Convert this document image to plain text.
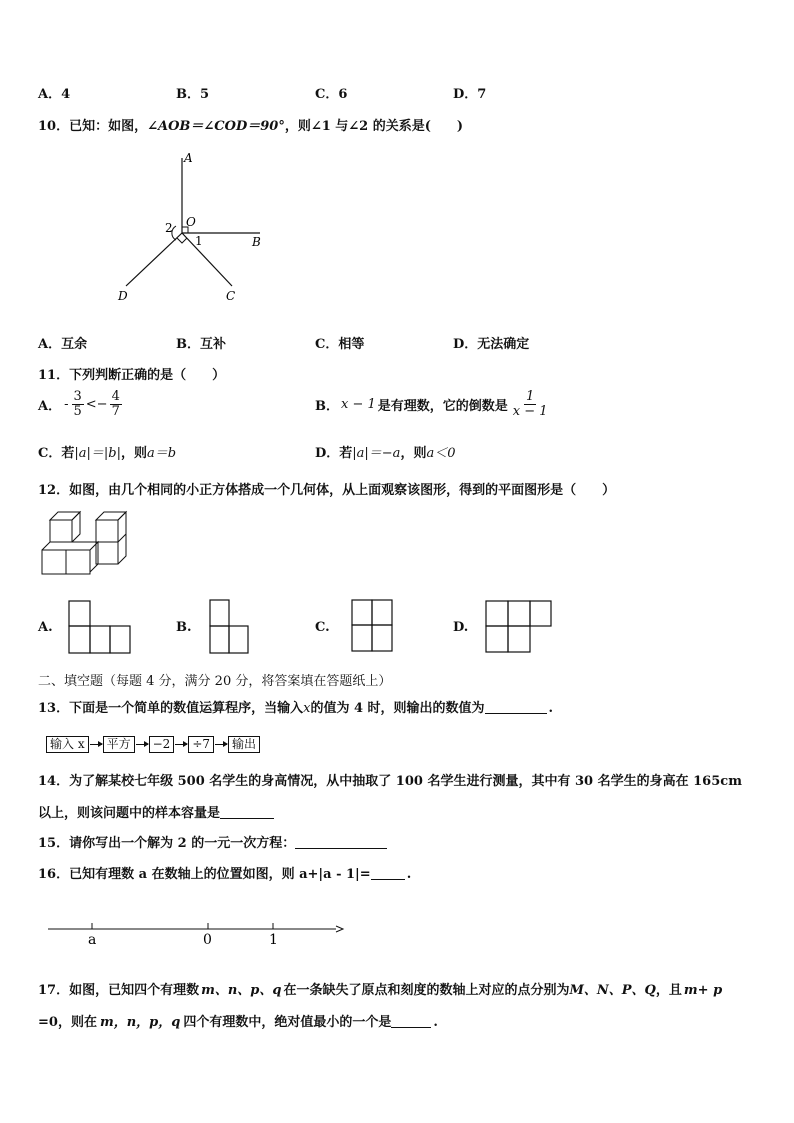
A．4	B．5	C．6	D．7
10．已知：如图，∠AOB＝∠COD＝90°，则∠1 与∠2 的关系是(　　)
A
O
B
D	C
1
2
A．互余	B．互补	C．相等	D．无法确定
11．下列判断正确的是（　　）
A． - $\frac{3}{5} <- \frac{4}{7}$	B． x − 1 是有理数，它的倒数是 $\frac{1}{x - 1}$
C．若|a|＝|b|，则a＝b	D．若|a|＝−a，则a＜0
12．如图，由几个相同的小正方体搭成一个几何体，从上面观察该图形，得到的平面图形是（　　）
A.	B.	C.	D.
二、填空题（每题 4 分，满分 20 分，将答案填在答题纸上）
13．下面是一个简单的数值运算程序，当输入x的值为 4 时，则输出的数值为	.
输入 x	平方	−2	÷7	输出
14．为了解某校七年级 500 名学生的身高情况，从中抽取了 100 名学生进行测量，其中有 30 名学生的身高在 165cm
以上，则该问题中的样本容量是
15．请你写出一个解为 2 的一元一次方程：
16．已知有理数 a 在数轴上的位置如图，则 a+|a - 1|=	.
a	0	1
17．如图，已知四个有理数 m、n、p、q 在一条缺失了原点和刻度的数轴上对应的点分别为M、N、P、Q，且 m+ p
=0，则在 m，n，p，q 四个有理数中，绝对值最小的一个是	.
